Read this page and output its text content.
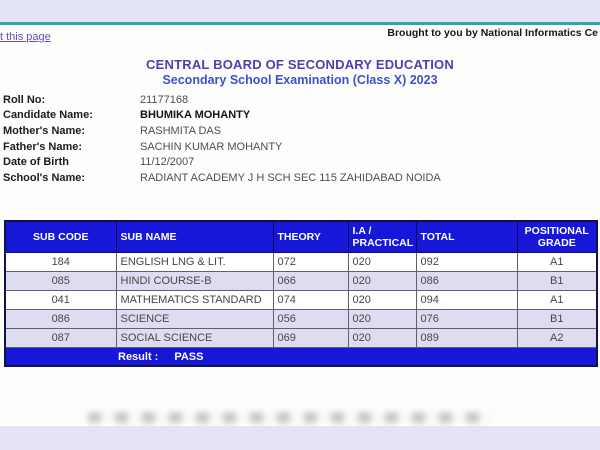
t this page	Brought to you by National Informatics Ce
CENTRAL BOARD OF SECONDARY EDUCATION
Secondary School Examination (Class X) 2023
Roll No:	21177168
Candidate Name:	BHUMIKA MOHANTY
Mother's Name:	RASHMITA DAS
Father's Name:	SACHIN KUMAR MOHANTY
Date of Birth	11/12/2007
School's Name:	RADIANT ACADEMY J H SCH SEC 115 ZAHIDABAD NOIDA
SUB CODE	SUB NAME	THEORY	I.A / PRACTICAL	TOTAL	POSITIONAL GRADE
184	ENGLISH LNG & LIT.	072	020	092	A1
085	HINDI COURSE-B	066	020	086	B1
041	MATHEMATICS STANDARD	074	020	094	A1
086	SCIENCE	056	020	076	B1
087	SOCIAL SCIENCE	069	020	089	A2
Result : PASS					
